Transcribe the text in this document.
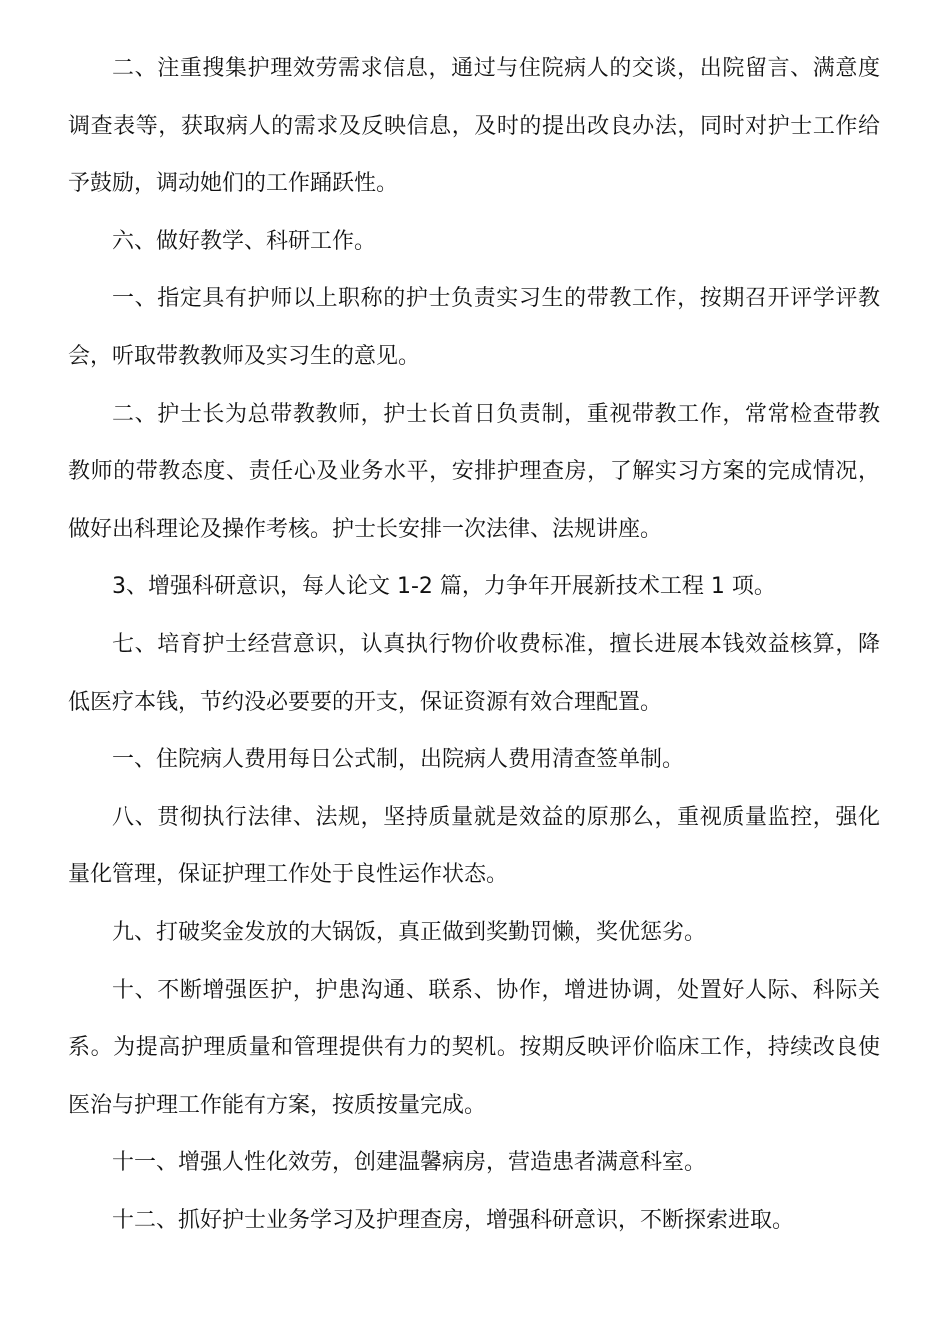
二、注重搜集护理效劳需求信息，通过与住院病人的交谈，出院留言、满意度调查表等，获取病人的需求及反映信息，及时的提出改良办法，同时对护士工作给予鼓励，调动她们的工作踊跃性。

六、做好教学、科研工作。

一、指定具有护师以上职称的护士负责实习生的带教工作，按期召开评学评教会，听取带教教师及实习生的意见。

二、护士长为总带教教师，护士长首日负责制，重视带教工作，常常检查带教教师的带教态度、责任心及业务水平，安排护理查房，了解实习方案的完成情况，做好出科理论及操作考核。护士长安排一次法律、法规讲座。

3、增强科研意识，每人论文 1-2 篇，力争年开展新技术工程 1 项。

七、培育护士经营意识，认真执行物价收费标准，擅长进展本钱效益核算，降低医疗本钱，节约没必要要的开支，保证资源有效合理配置。

一、住院病人费用每日公式制，出院病人费用清查签单制。

八、贯彻执行法律、法规，坚持质量就是效益的原那么，重视质量监控，强化量化管理，保证护理工作处于良性运作状态。

九、打破奖金发放的大锅饭，真正做到奖勤罚懒，奖优惩劣。

十、不断增强医护，护患沟通、联系、协作，增进协调，处置好人际、科际关系。为提高护理质量和管理提供有力的契机。按期反映评价临床工作，持续改良使医治与护理工作能有方案，按质按量完成。

十一、增强人性化效劳，创建温馨病房，营造患者满意科室。

十二、抓好护士业务学习及护理查房，增强科研意识，不断探索进取。
